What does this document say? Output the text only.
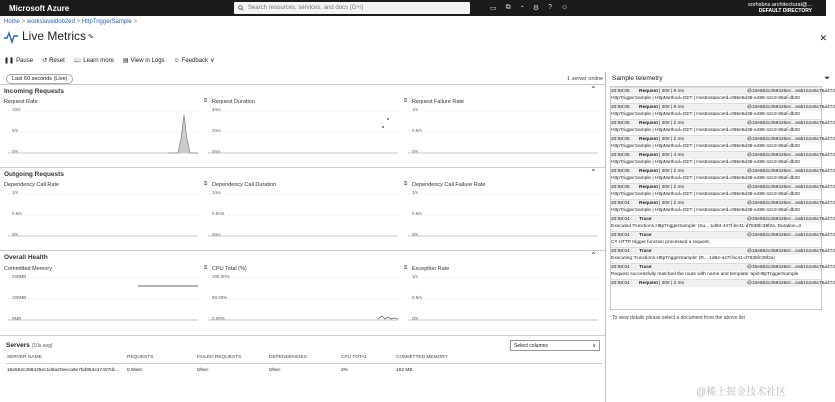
Microsoft Azure	Search resources, services, and docs (G+/)	▭ ⧉ ◔ ⚙ ? ☺	sorhsbns.architectural@...
DEFAULT DIRECTORY
Home > workslaveldob2ed > HttpTriggerSample >
Live Metrics ✎	✕
❚❚ Pause ↺ Reset 📖 Learn more ▤ View in Logs ☺ Feedback ∨
Last 60 seconds (Live)	1 server online
Incoming Requests	⌃
Outgoing Requests	⌃
Overall Health	⌃
Request Rate
10/s
5/s
0/s
Request Duration
⌸
4ms
2ms
0ms
Request Failure Rate
⌸
1/s
0.5/s
0/s
Dependency Call Rate
1/s
0.5/s
0/s
Dependency Call Duration
⌸
1ms
0.5ms
0ms
Dependency Call Failure Rate
⌸
1/s
0.5/s
0/s
Committed Memory
200MB
100MB
0MB
CPU Total (%)
⌸
100.00%
50.00%
0.00%
Exception Rate
⌸
1/s
0.5/s
0/s
Sample telemetry	⏷
20:58:05	Request | 200 | 8 ms	@16e562c458425ec...ea5151e6c76a472
HttpTriggerSample | HttpMethod=GET | HostInstanceId=056e5d38-a488-42c3-85af-db30
20:58:05	Request | 200 | 8 ms	@16e562c458425ec...ea5151e6c76a472
HttpTriggerSample | HttpMethod=GET | HostInstanceId=056e5d38-a488-42c3-85af-db30
20:58:05	Request | 200 | 2 ms	@16e562c458425ec...ea5151e6c76a472
HttpTriggerSample | HttpMethod=GET | HostInstanceId=056e5d38-a488-42c3-85af-db30
20:58:05	Request | 200 | 2 ms	@16e562c458425ec...ea5151e6c76a472
HttpTriggerSample | HttpMethod=GET | HostInstanceId=056e5d38-a488-42c3-85af-db30
20:58:05	Request | 200 | 4 ms	@16e562c458425ec...ea5151e6c76a472
HttpTriggerSample | HttpMethod=GET | HostInstanceId=056e5d38-a488-42c3-85af-db30
20:58:05	Request | 200 | 2 ms	@16e562c458425ec...ea5151e6c76a472
HttpTriggerSample | HttpMethod=GET | HostInstanceId=056e5d38-a488-42c3-85af-db30
20:58:05	Request | 200 | 2 ms	@16e562c458425ec...ea5151e6c76a472
HttpTriggerSample | HttpMethod=GET | HostInstanceId=056e5d38-a488-42c3-85af-db30
20:58:04	Request | 200 | 2 ms	@16e562c458425ec...ea5151e6c76a472
HttpTriggerSample | HttpMethod=GET | HostInstanceId=056e5d38-a488-42c3-85af-db30
20:58:04	Trace	@16e562c458425ec...ea5151e6c76a472
Executed 'Functions.HttpTriggerSample' (Su... 1d94-447f-bc41-d7838fc39f2a, Duration=3
20:58:04	Trace	@16e562c458425ec...ea5151e6c76a472
C# HTTP trigger function processed a request.
20:58:04	Trace	@16e562c458425ec...ea5151e6c76a472
Executing 'Functions.HttpTriggerSample' (R... 1d94-447f-bc41-d7838fc39f2a)
20:58:04	Trace	@16e562c458425ec...ea5151e6c76a472
Request successfully matched the route with name and template 'api/HttpTriggerSample
20:58:04	Request | 200 | 2 ms	@16e562c458425ec...ea5151e6c76a472
To view details please select a document from the above list
Servers (10s avg)	Select columns	∨
SERVER NAME	REQUESTS	FAILED REQUESTS	DEPENDENCIES	CPU TOTAL	COMMITTED MEMORY
16e562c458425ec1d6a20eeca9e7bd854e17407dc...	0.9/sec	0/sec	0/sec	2%	162 MB
@稀土掘金技术社区
